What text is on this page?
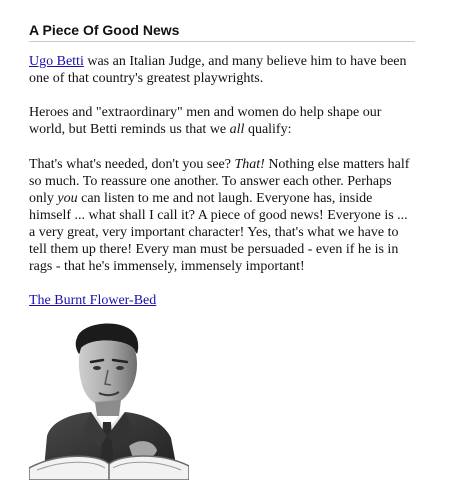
A Piece Of Good News

Ugo Betti was an Italian Judge, and many believe him to have been one of that country's greatest playwrights.

Heroes and "extraordinary" men and women do help shape our world, but Betti reminds us that we all qualify:

That's what's needed, don't you see? That! Nothing else matters half so much. To reassure one another. To answer each other. Perhaps only you can listen to me and not laugh. Everyone has, inside himself ... what shall I call it? A piece of good news! Everyone is ... a very great, very important character! Yes, that's what we have to tell them up there! Every man must be persuaded - even if he is in rags - that he's immensely, immensely important!

The Burnt Flower-Bed
